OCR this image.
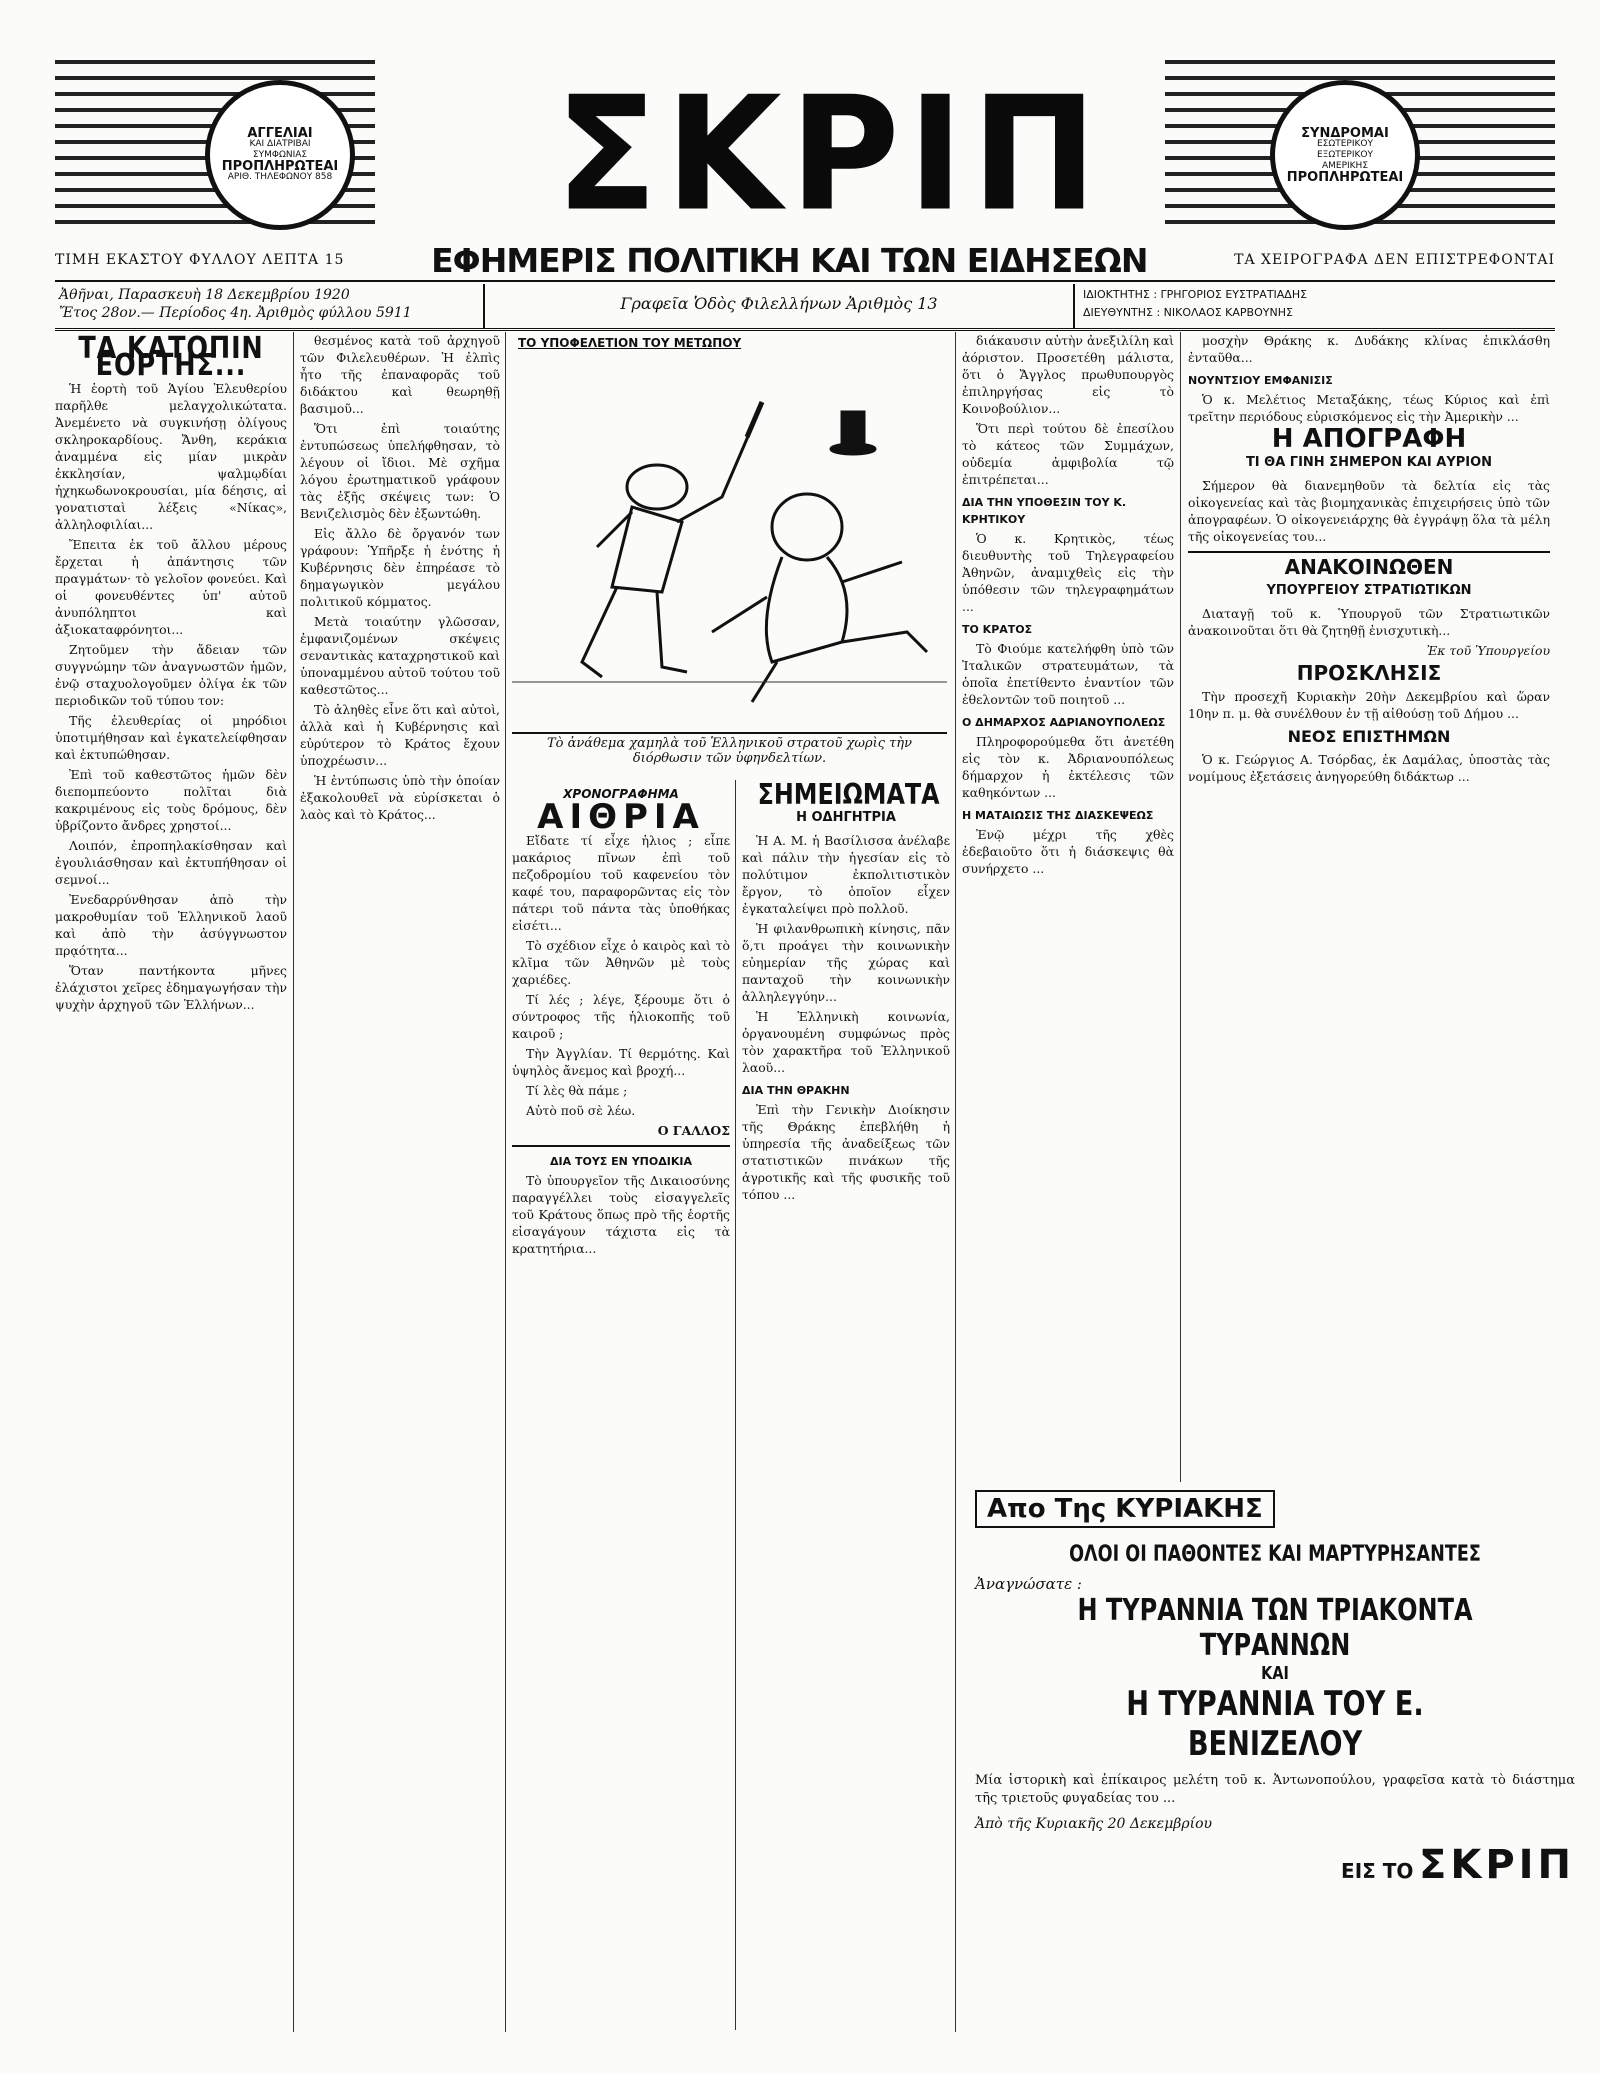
ΑΓΓΕΛΙΑΙ
ΚΑΙ ΔΙΑΤΡΙΒΑΙ
ΣΥΜΦΩΝΙΑΣ
ΠΡΟΠΛΗΡΩΤΕΑΙ
ΑΡΙΘ. ΤΗΛΕΦΩΝΟΥ 858
ΣΥΝΔΡΟΜΑΙ
ΕΣΩΤΕΡΙΚΟΥ
ΕΞΩΤΕΡΙΚΟΥ
ΑΜΕΡΙΚΗΣ
ΠΡΟΠΛΗΡΩΤΕΑΙ
ΣΚΡΙΠ
ΤΙΜΗ ΕΚΑΣΤΟΥ ΦΥΛΛΟΥ ΛΕΠΤΑ 15	ΕΦΗΜΕΡΙΣ ΠΟΛΙΤΙΚΗ ΚΑΙ ΤΩΝ ΕΙΔΗΣΕΩΝ	ΤΑ ΧΕΙΡΟΓΡΑΦΑ ΔΕΝ ΕΠΙΣΤΡΕΦΟΝΤΑΙ
Ἀθῆναι, Παρασκευὴ 18 Δεκεμβρίου 1920
Ἔτος 28ον.— Περίοδος 4η. Ἀριθμὸς φύλλου 5911	Γραφεῖα Ὁδὸς Φιλελλήνων Ἀριθμὸς 13	ΙΔΙΟΚΤΗΤΗΣ : ΓΡΗΓΟΡΙΟΣ ΕΥΣΤΡΑΤΙΑΔΗΣ
ΔΙΕΥΘΥΝΤΗΣ : ΝΙΚΟΛΑΟΣ ΚΑΡΒΟΥΝΗΣ
ΤΑ ΚΑΤΟΠΙΝ ΕΟΡΤΗΣ...

Ἡ ἑορτὴ τοῦ Ἁγίου Ἐλευθερίου παρῆλθε μελαγχολικώτατα. Ἀνεμένετο νὰ συγκινήσῃ ὀλίγους σκληροκαρδίους. Ἄνθη, κεράκια ἀναμμένα εἰς μίαν μικρὰν ἐκκλησίαν, ψαλμῳδίαι ἠχηκωδωνοκρουσίαι, μία δέησις, αἱ γονατισταὶ λέξεις «Νίκας», ἀλληλοφιλίαι...

Ἔπειτα ἐκ τοῦ ἄλλου μέρους ἔρχεται ἡ ἀπάντησις τῶν πραγμάτων· τὸ γελοῖον φονεύει. Καὶ οἱ φονευθέντες ὑπ' αὐτοῦ ἀνυπόληπτοι καὶ ἀξιοκαταφρόνητοι...

Ζητοῦμεν τὴν ἄδειαν τῶν συγγνώμην τῶν ἀναγνωστῶν ἡμῶν, ἐνῷ σταχυολογοῦμεν ὀλίγα ἐκ τῶν περιοδικῶν τοῦ τύπου τον:

Τῆς ἐλευθερίας οἱ μηρόδιοι ὑποτιμήθησαν καὶ ἐγκατελείφθησαν καὶ ἐκτυπώθησαν.

Ἐπὶ τοῦ καθεστῶτος ἡμῶν δὲν διεπομπεύοντο πολῖται διὰ κακριμένους εἰς τοὺς δρόμους, δὲν ὑβρίζοντο ἄνδρες χρηστοί...

Λοιπόν, ἐπροπηλακίσθησαν καὶ ἐγουλιάσθησαν καὶ ἐκτυπήθησαν οἱ σεμνοί...

Ἐνεδαρρύνθησαν ἀπὸ τὴν μακροθυμίαν τοῦ Ἑλληνικοῦ λαοῦ καὶ ἀπὸ τὴν ἀσύγγνωστον πρᾳότητα...

Ὅταν παντήκοντα μῆνες ἐλάχιστοι χεῖρες ἐδημαγωγήσαν τὴν ψυχὴν ἀρχηγοῦ τῶν Ἑλλήνων...

θεσμένος κατὰ τοῦ ἀρχηγοῦ τῶν Φιλελευθέρων. Ἡ ἐλπὶς ἦτο τῆς ἐπαναφορᾶς τοῦ διδάκτου καὶ θεωρηθῇ βασιμοῦ...

Ὅτι ἐπὶ τοιαύτης ἐντυπώσεως ὑπελήφθησαν, τὸ λέγουν οἱ ἴδιοι. Μὲ σχῆμα λόγου ἐρωτηματικοῦ γράφουν τὰς ἑξῆς σκέψεις των: Ὁ Βενιζελισμὸς δὲν ἐξωντώθη.

Εἰς ἄλλο δὲ ὄργανόν των γράφουν: Ὑπῆρξε ἡ ἑνότης ἡ Κυβέρνησις δὲν ἐπηρέασε τὸ δημαγωγικὸν μεγάλου πολιτικοῦ κόμματος.

Μετὰ τοιαύτην γλῶσσαν, ἐμφανιζομένων σκέψεις σεναντικὰς καταχρηστικοῦ καὶ ὑποναμμένου αὐτοῦ τούτου τοῦ καθεστῶτος...

Τὸ ἀληθὲς εἶνε ὅτι καὶ αὐτοὶ, ἀλλὰ καὶ ἡ Κυβέρνησις καὶ εὐρύτερον τὸ Κράτος ἔχουν ὑποχρέωσιν...

Ἡ ἐντύπωσις ὑπὸ τὴν ὁποίαν ἐξακολουθεῖ νὰ εὑρίσκεται ὁ λαὸς καὶ τὸ Κράτος...

ΤΟ ΥΠΟΦΕΛΕΤΙΟΝ ΤΟΥ ΜΕΤΩΠΟΥ
Τὸ ἀνάθεμα χαμηλὰ τοῦ Ἑλληνικοῦ στρατοῦ χωρὶς τὴν διόρθωσιν τῶν ὑφηνδελτίων.
ΧΡΟΝΟΓΡΑΦΗΜΑ
ΑΙΘΡΙΑ

Εἴδατε τί εἶχε ἡλιος ; εἶπε μακάριος πῖνων ἐπὶ τοῦ πεζοδρομίου τοῦ καφενείου τὸν καφέ του, παραφορῶντας εἰς τὸν πάτερι τοῦ πάντα τὰς ὑποθήκας εἰσέτι...

Τὸ σχέδιον εἶχε ὁ καιρὸς καὶ τὸ κλῖμα τῶν Ἀθηνῶν μὲ τοὺς χαριέδες.

Τί λές ; λέγε, ξέρουμε ὅτι ὁ σύντροφος τῆς ἡλιοκοπῆς τοῦ καιροῦ ;

Τὴν Ἀγγλίαν. Τί θερμότης. Καὶ ὑψηλὸς ἄνεμος καὶ βροχή...

Τί λὲς θὰ πάμε ;

Αὐτὸ ποῦ σὲ λέω.

Ο ΓΑΛΛΟΣ
ΔΙΑ ΤΟΥΣ ΕΝ ΥΠΟΔΙΚΙΑ

Τὸ ὑπουργεῖον τῆς Δικαιοσύνης παραγγέλλει τοὺς εἰσαγγελεῖς τοῦ Κράτους ὅπως πρὸ τῆς ἑορτῆς εἰσαγάγουν τάχιστα εἰς τὰ κρατητήρια...

ΣΗΜΕΙΩΜΑΤΑ
Η ΟΔΗΓΗΤΡΙΑ

Ἡ Α. Μ. ἡ Βασίλισσα ἀνέλαβε καὶ πάλιν τὴν ἡγεσίαν εἰς τὸ πολύτιμον ἐκπολιτιστικὸν ἔργον, τὸ ὁποῖον εἶχεν ἐγκαταλείψει πρὸ πολλοῦ.

Ἡ φιλανθρωπικὴ κίνησις, πᾶν ὅ,τι προάγει τὴν κοινωνικὴν εὐημερίαν τῆς χώρας καὶ πανταχοῦ τὴν κοινωνικὴν ἀλληλεγγύην...

Ἡ Ἑλληνικὴ κοινωνία, ὀργανουμένη συμφώνως πρὸς τὸν χαρακτῆρα τοῦ Ἑλληνικοῦ λαοῦ...

ΔΙΑ ΤΗΝ ΘΡΑΚΗΝ

Ἐπὶ τὴν Γενικὴν Διοίκησιν τῆς Θράκης ἐπεβλήθη ἡ ὑπηρεσία τῆς ἀναδείξεως τῶν στατιστικῶν πινάκων τῆς ἀγροτικῆς καὶ τῆς φυσικῆς τοῦ τόπου ...

διάκαυσιν αὐτὴν ἀνεξιλίλη καὶ ἀόριστον. Προσετέθη μάλιστα, ὅτι ὁ Ἄγγλος πρωθυπουργὸς ἐπιληργήσας εἰς τὸ Κοινοβούλιον...

Ὅτι περὶ τούτου δὲ ἐπεσίλου τὸ κάτεος τῶν Συμμάχων, οὐδεμία ἀμφιβολία τῷ ἐπιτρέπεται...

ΔΙΑ ΤΗΝ ΥΠΟΘΕΣΙΝ ΤΟΥ Κ. ΚΡΗΤΙΚΟΥ

Ὁ κ. Κρητικὸς, τέως διευθυντὴς τοῦ Τηλεγραφείου Ἀθηνῶν, ἀναμιχθεὶς εἰς τὴν ὑπόθεσιν τῶν τηλεγραφημάτων ...

ΤΟ ΚΡΑΤΟΣ

Τὸ Φιούμε κατελήφθη ὑπὸ τῶν Ἰταλικῶν στρατευμάτων, τὰ ὁποῖα ἐπετίθεντο ἐναντίον τῶν ἐθελοντῶν τοῦ ποιητοῦ ...

Ο ΔΗΜΑΡΧΟΣ ΑΔΡΙΑΝΟΥΠΟΛΕΩΣ

Πληροφορούμεθα ὅτι ἀνετέθη εἰς τὸν κ. Ἀδριανουπόλεως δήμαρχον ἡ ἐκτέλεσις τῶν καθηκόντων ...

Η ΜΑΤΑΙΩΣΙΣ ΤΗΣ ΔΙΑΣΚΕΨΕΩΣ

Ἐνῷ μέχρι τῆς χθὲς ἐδεβαιοῦτο ὅτι ἡ διάσκεψις θὰ συνήρχετο ...

μοσχὴν Θράκης κ. Δυδάκης κλίνας ἐπικλάσθη ἐνταῦθα...

ΝΟΥΝΤΣΙΟΥ ΕΜΦΑΝΙΣΙΣ

Ὁ κ. Μελέτιος Μεταξάκης, τέως Κύριος καὶ ἐπὶ τρεῖτην περιόδους εὐρισκόμενος εἰς τὴν Ἀμερικὴν ...

Η ΑΠΟΓΡΑΦΗ
ΤΙ ΘΑ ΓΙΝΗ ΣΗΜΕΡΟΝ ΚΑΙ ΑΥΡΙΟΝ

Σήμερον θὰ διανεμηθοῦν τὰ δελτία εἰς τὰς οἰκογενείας καὶ τὰς βιομηχανικὰς ἐπιχειρήσεις ὑπὸ τῶν ἀπογραφέων. Ὁ οἰκογενειάρχης θὰ ἐγγράψῃ ὅλα τὰ μέλη τῆς οἰκογενείας του...

ΑΝΑΚΟΙΝΩΘΕΝ
ΥΠΟΥΡΓΕΙΟΥ ΣΤΡΑΤΙΩΤΙΚΩΝ

Διαταγῇ τοῦ κ. Ὑπουργοῦ τῶν Στρατιωτικῶν ἀνακοινοῦται ὅτι θὰ ζητηθῇ ἐνισχυτικὴ...

Ἐκ τοῦ Ὑπουργείου
ΠΡΟΣΚΛΗΣΙΣ

Τὴν προσεχῆ Κυριακὴν 20ὴν Δεκεμβρίου καὶ ὥραν 10ην π. μ. θὰ συνέλθουν ἐν τῇ αἰθούσῃ τοῦ Δήμου ...

ΝΕΟΣ ΕΠΙΣΤΗΜΩΝ

Ὁ κ. Γεώργιος Α. Τσόρδας, ἐκ Δαμάλας, ὑποστὰς τὰς νομίμους ἐξετάσεις ἀνηγορεύθη διδάκτωρ ...

Απο Της ΚΥΡΙΑΚΗΣ
ΟΛΟΙ ΟΙ ΠΑΘΟΝΤΕΣ ΚΑΙ ΜΑΡΤΥΡΗΣΑΝΤΕΣ
Ἀναγνώσατε :
Η ΤΥΡΑΝΝΙΑ ΤΩΝ ΤΡΙΑΚΟΝΤΑ ΤΥΡΑΝΝΩΝ
ΚΑΙ
Η ΤΥΡΑΝΝΙΑ ΤΟΥ Ε. ΒΕΝΙΖΕΛΟΥ

Μία ἱστορικὴ καὶ ἐπίκαιρος μελέτη τοῦ κ. Ἀντωνοπούλου, γραφεῖσα κατὰ τὸ διάστημα τῆς τριετοῦς φυγαδείας του ...

Ἀπὸ τῆς Κυριακῆς 20 Δεκεμβρίου
ΕΙΣ ΤΟ ΣΚΡΙΠ
